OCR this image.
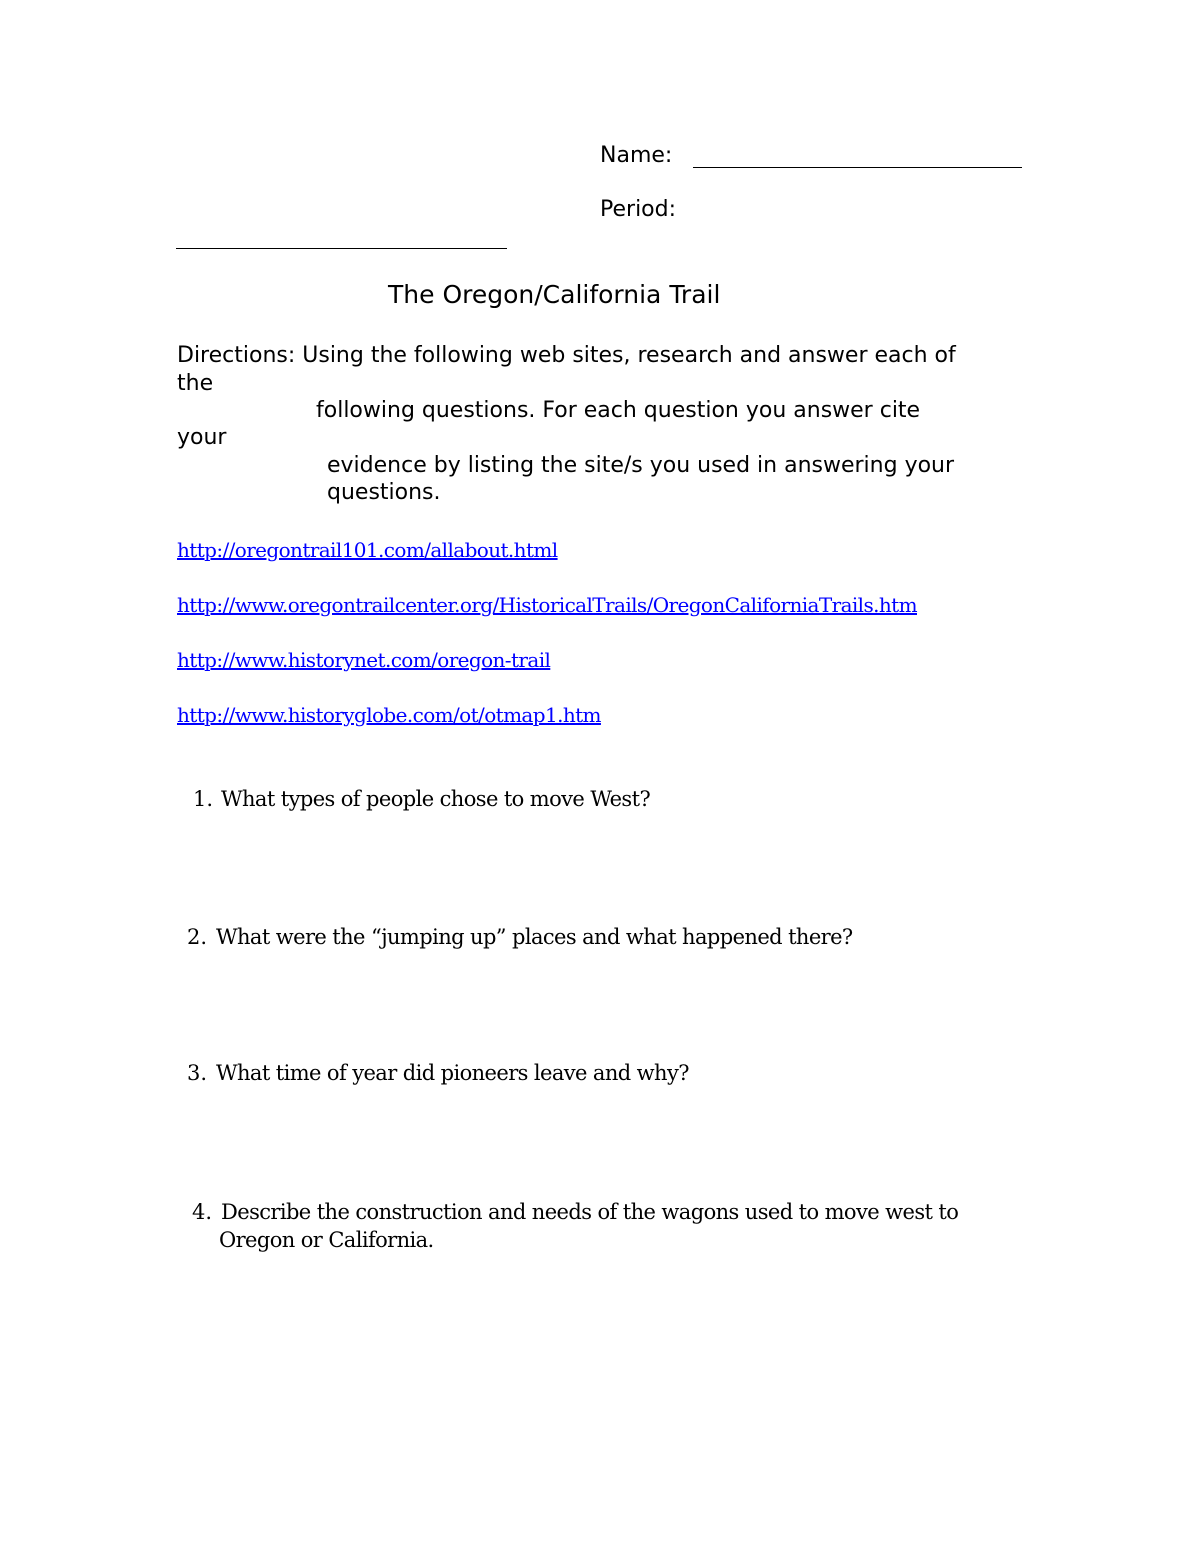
Name:
Period:
The Oregon/California Trail
Directions: Using the following web sites, research and answer each of
the
following questions. For each question you answer cite
your
evidence by listing the site/s you used in answering your
questions.
http://oregontrail101.com/allabout.html
http://www.oregontrailcenter.org/HistoricalTrails/OregonCaliforniaTrails.htm
http://www.historynet.com/oregon-trail
http://www.historyglobe.com/ot/otmap1.htm
1. What types of people chose to move West?
2. What were the “jumping up” places and what happened there?
3. What time of year did pioneers leave and why?
4. Describe the construction and needs of the wagons used to move west to
Oregon or California.
